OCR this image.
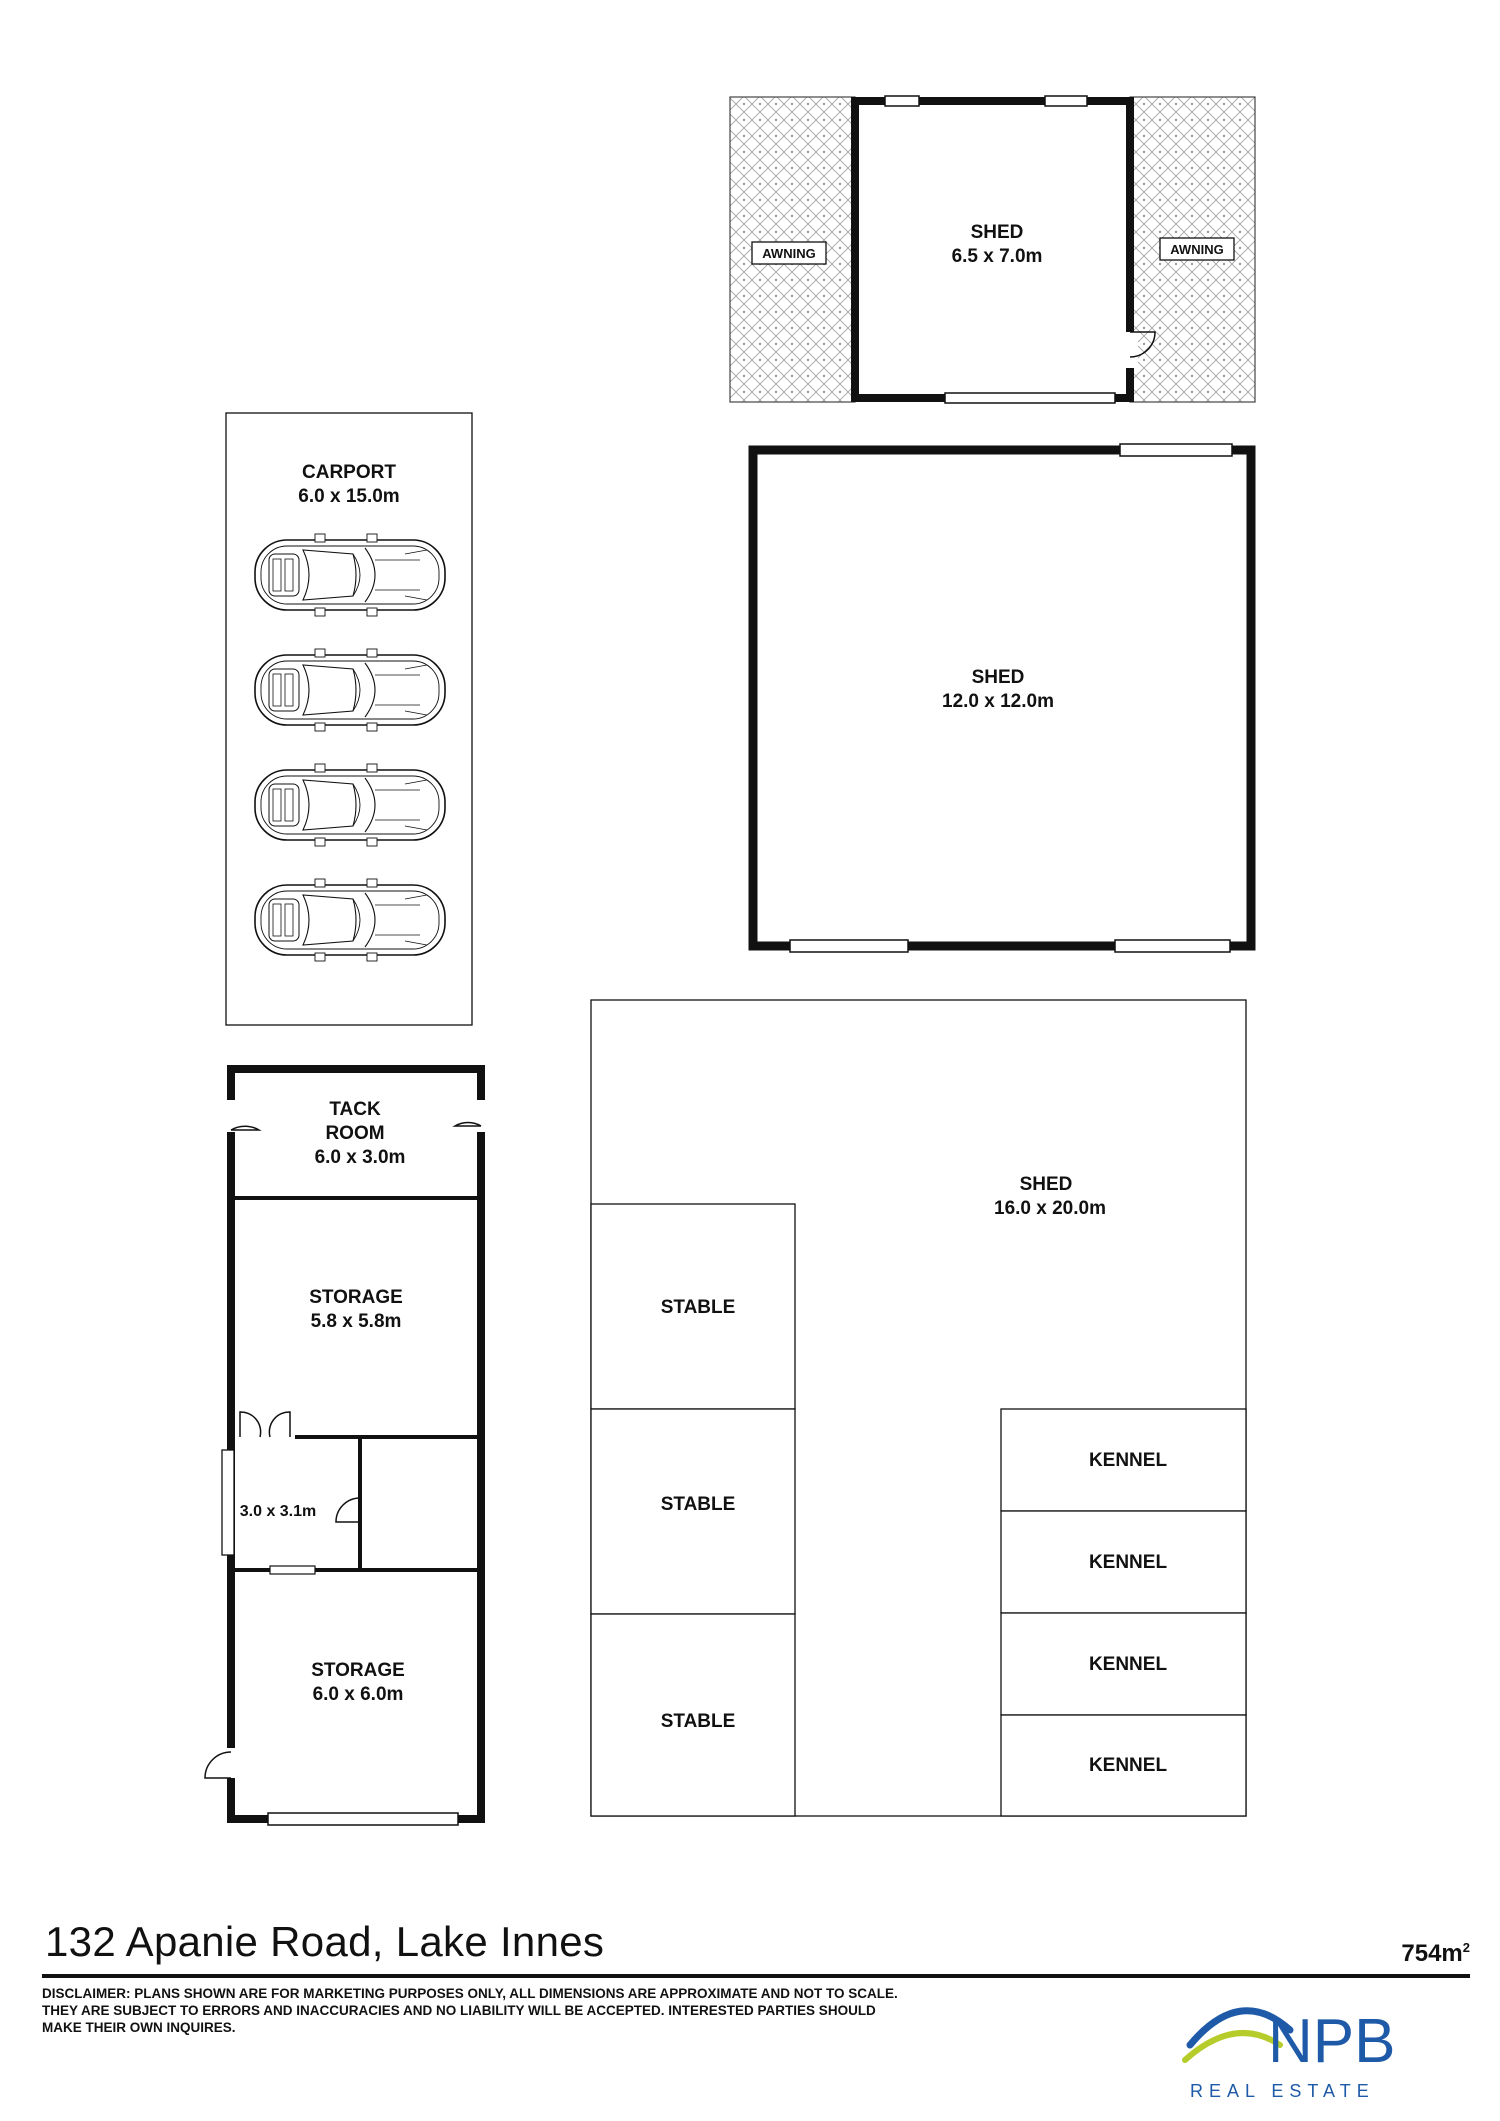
AWNING	AWNING
SHED
6.5 x 7.0m
CARPORT
6.0 x 15.0m
SHED
12.0 x 12.0m
TACK
ROOM
6.0 x 3.0m
STORAGE
5.8 x 5.8m
3.0 x 3.1m
STORAGE
6.0 x 6.0m
SHED
16.0 x 20.0m
STABLE
STABLE
STABLE
KENNEL
KENNEL
KENNEL
KENNEL
132 Apanie Road, Lake Innes	$754m^2$
DISCLAIMER: PLANS SHOWN ARE FOR MARKETING PURPOSES ONLY, ALL DIMENSIONS ARE APPROXIMATE AND NOT TO SCALE. THEY ARE SUBJECT TO ERRORS AND INACCURACIES AND NO LIABILITY WILL BE ACCEPTED. INTERESTED PARTIES SHOULD MAKE THEIR OWN INQUIRES.	NPB
REAL ESTATE
